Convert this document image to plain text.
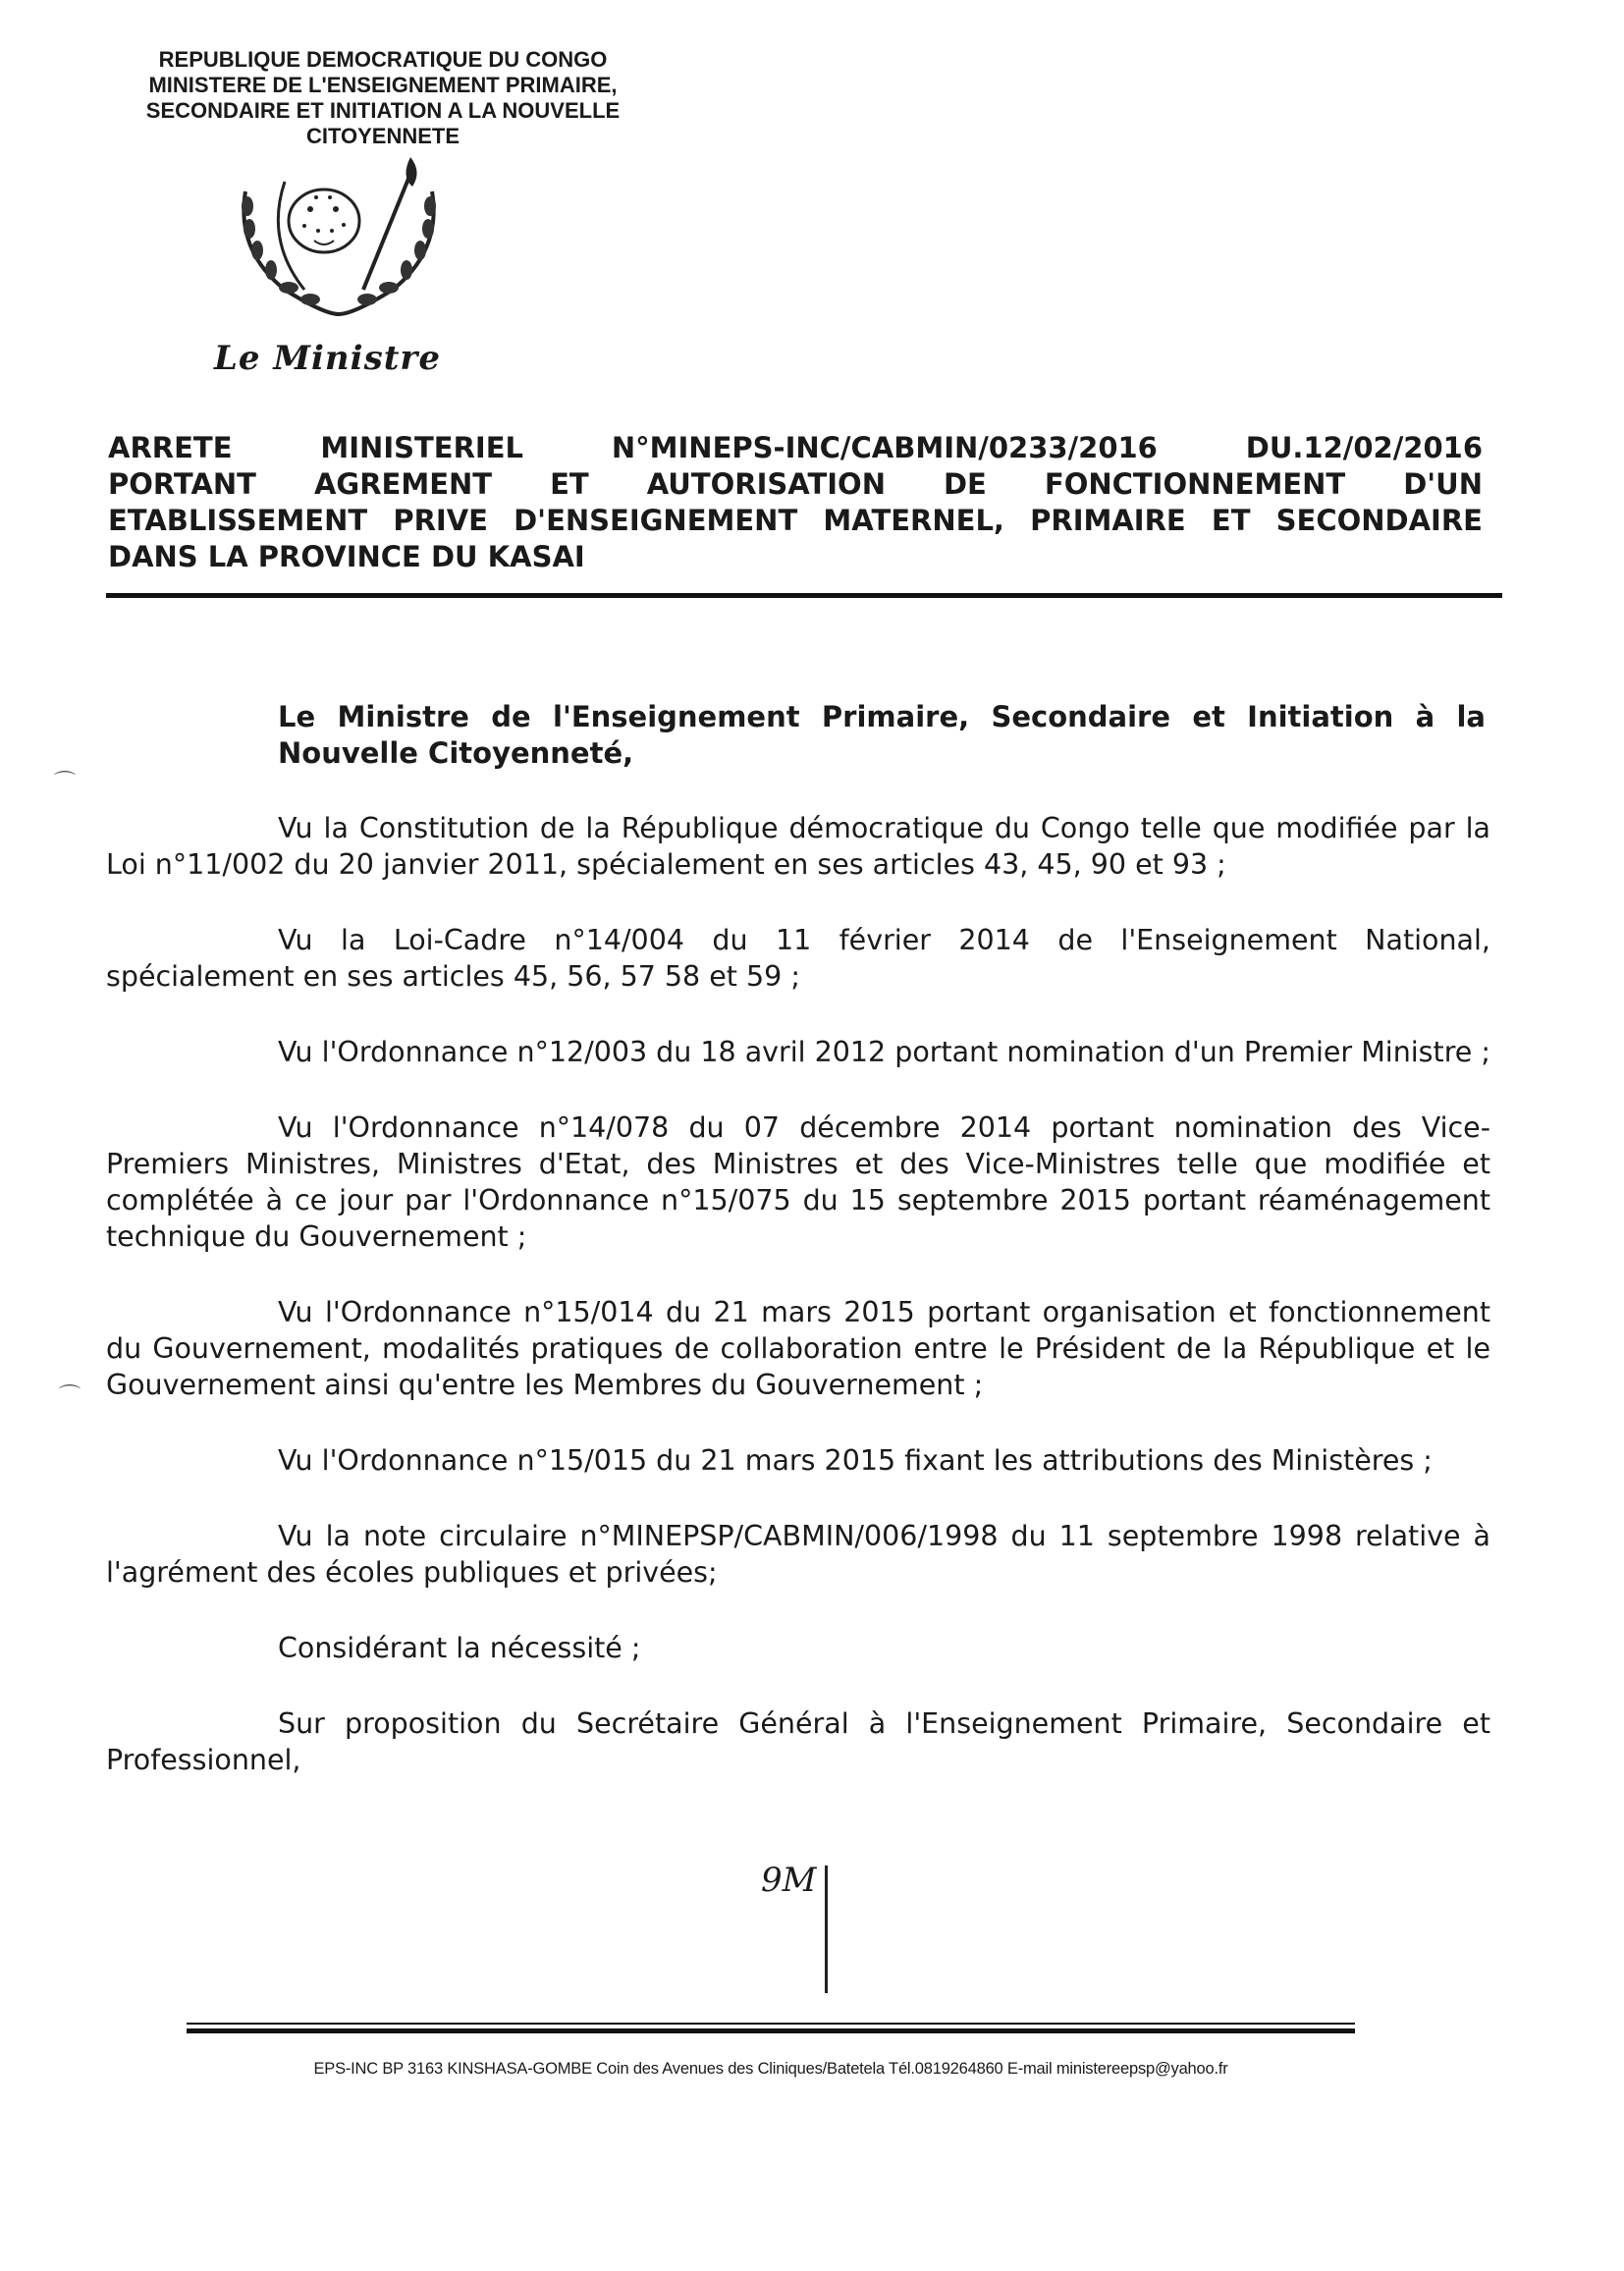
REPUBLIQUE DEMOCRATIQUE DU CONGO
MINISTERE DE L'ENSEIGNEMENT PRIMAIRE,
SECONDAIRE ET INITIATION A LA NOUVELLE
CITOYENNETE
Le Ministre
ARRETE MINISTERIEL N°MINEPS-INC/CABMIN/0233/2016 DU.12/02/2016
PORTANT AGREMENT ET AUTORISATION DE FONCTIONNEMENT D'UN
ETABLISSEMENT PRIVE D'ENSEIGNEMENT MATERNEL, PRIMAIRE ET SECONDAIRE
DANS LA PROVINCE DU KASAI
Le Ministre de l'Enseignement Primaire, Secondaire et Initiation à la Nouvelle Citoyenneté,

Vu la Constitution de la République démocratique du Congo telle que modifiée par la Loi n°11/002 du 20 janvier 2011, spécialement en ses articles 43, 45, 90 et 93 ;

Vu la Loi-Cadre n°14/004 du 11 février 2014 de l'Enseignement National, spécialement en ses articles 45, 56, 57 58 et 59 ;

Vu l'Ordonnance n°12/003 du 18 avril 2012 portant nomination d'un Premier Ministre ;

Vu l'Ordonnance n°14/078 du 07 décembre 2014 portant nomination des Vice-Premiers Ministres, Ministres d'Etat, des Ministres et des Vice-Ministres telle que modifiée et complétée à ce jour par l'Ordonnance n°15/075 du 15 septembre 2015 portant réaménagement technique du Gouvernement ;

Vu l'Ordonnance n°15/014 du 21 mars 2015 portant organisation et fonctionnement du Gouvernement, modalités pratiques de collaboration entre le Président de la République et le Gouvernement ainsi qu'entre les Membres du Gouvernement ;

Vu l'Ordonnance n°15/015 du 21 mars 2015 fixant les attributions des Ministères ;

Vu la note circulaire n°MINEPSP/CABMIN/006/1998 du 11 septembre 1998 relative à l'agrément des écoles publiques et privées;

Considérant la nécessité ;

Sur proposition du Secrétaire Général à l'Enseignement Primaire, Secondaire et Professionnel,

9M
EPS-INC BP 3163 KINSHASA-GOMBE Coin des Avenues des Cliniques/Batetela Tél.0819264860 E-mail ministereepsp@yahoo.fr
⌒
⌒
